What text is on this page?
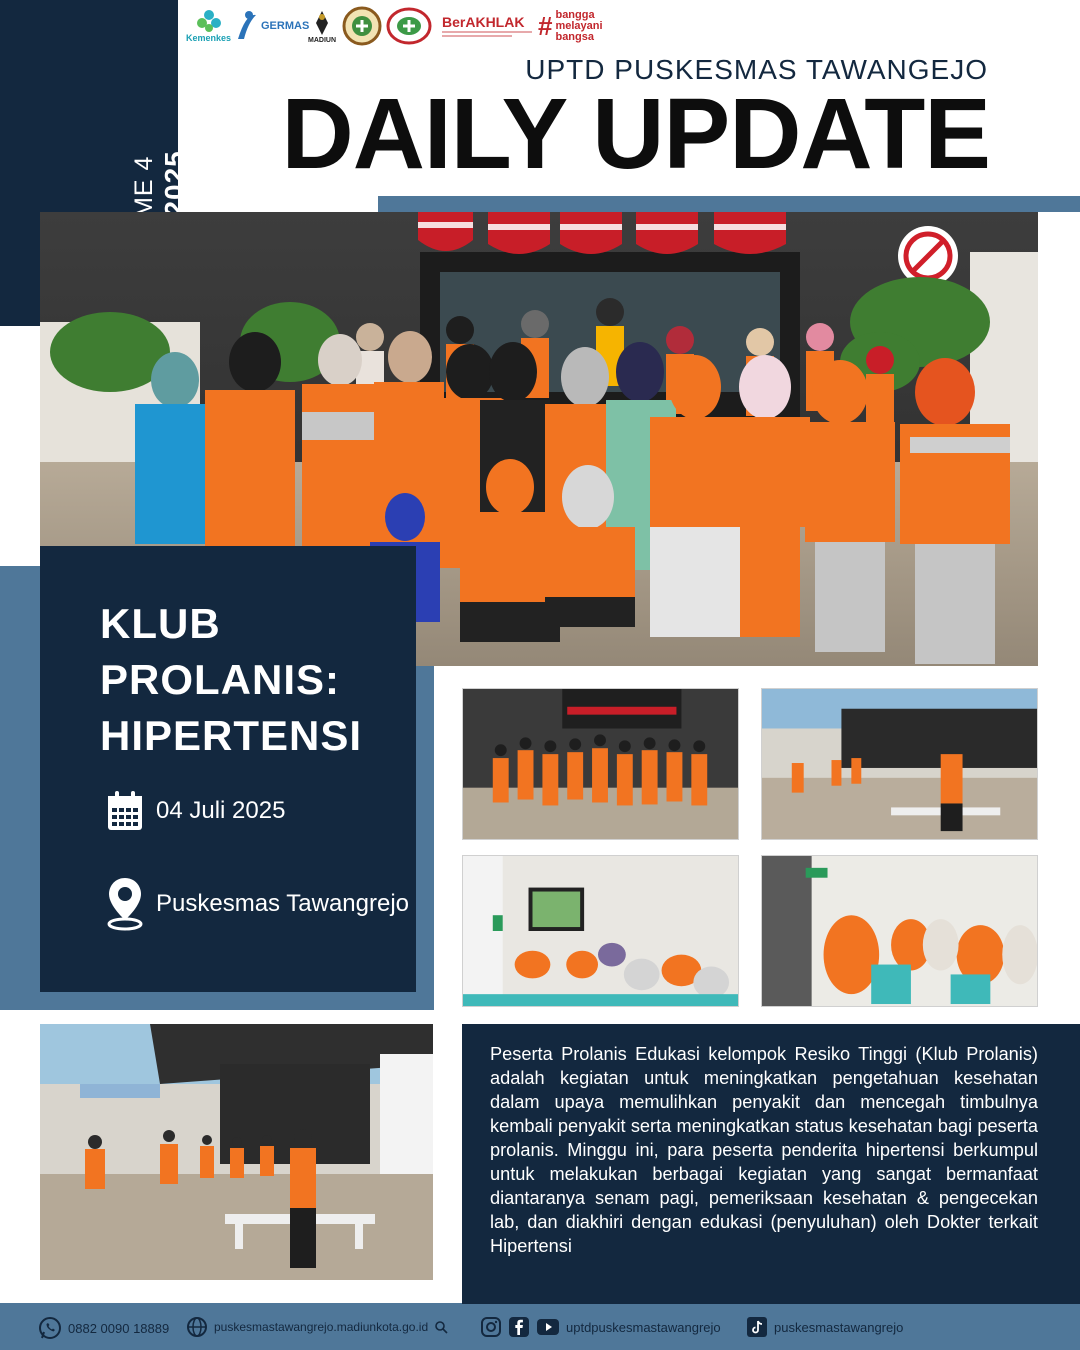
Kemenkes
GERMAS
MADIUN
BerAKHLAK # bangga melayani bangsa
UPTD PUSKESMAS TAWANGEJO
DAILY UPDATE
KLUB
PROLANIS:
HIPERTENSI
04 Juli 2025
Puskesmas Tawangrejo

Peserta Prolanis Edukasi kelompok Resiko Tinggi (Klub Prolanis) adalah kegiatan untuk meningkatkan pengetahuan kesehatan dalam upaya memulihkan penyakit dan mencegah timbulnya kembali penyakit serta meningkatkan status kesehatan bagi peserta prolanis. Minggu ini, para peserta penderita hipertensi berkumpul untuk melakukan berbagai kegiatan yang sangat bermanfaat diantaranya senam pagi, pemeriksaan kesehatan & pengecekan lab, dan diakhiri dengan edukasi (penyuluhan) oleh Dokter terkait Hipertensi

0882 0090 18889	puskesmastawangrejo.madiunkota.go.id	uptdpuskesmastawangrejo	puskesmastawangrejo
